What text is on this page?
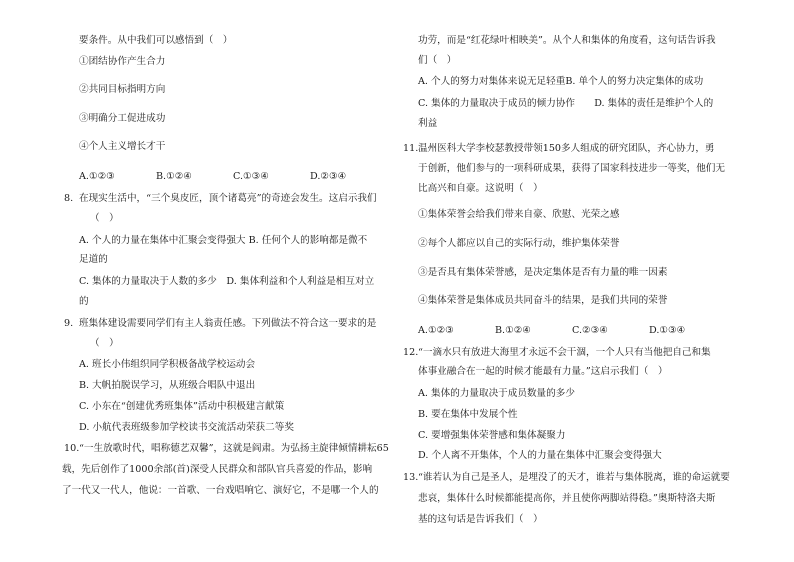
要条件。从中我们可以感悟到（　）
①团结协作产生合力
②共同目标指明方向
③明确分工促进成功
④个人主义增长才干
A.①②③	B.①②④	C.①③④	D.②③④
8. 在现实生活中，“三个臭皮匠，顶个诸葛亮”的奇迹会发生。这启示我们
（　）
A. 个人的力量在集体中汇聚会变得强大 B. 任何个人的影响都是微不
足道的
C. 集体的力量取决于人数的多少　D. 集体利益和个人利益是相互对立
的
9. 班集体建设需要同学们有主人翁责任感。下列做法不符合这一要求的是
（　）
A. 班长小伟组织同学积极备战学校运动会
B. 大帆拍脱误学习，从班级合唱队中退出
C. 小东在“创建优秀班集体”活动中积极建言献策
D. 小航代表班级参加学校读书交流活动荣获二等奖
10. “一生放歌时代，唱称德艺双馨”，这就是阎肃。为弘扬主旋律倾情耕耘65
载，先后创作了1000余部(首)深受人民群众和部队官兵喜爱的作品，影响
了一代又一代人，他说：一首歌、一台戏唱响它、演好它，不是哪一个人的
功劳，而是“红花绿叶相映美”。从个人和集体的角度看，这句话告诉我
们（　）
A. 个人的努力对集体来说无足轻重B. 单个人的努力决定集体的成功
C. 集体的力量取决于成员的倾力协作　　D. 集体的责任是维护个人的
利益
11. 温州医科大学李校瑟教授带领150多人组成的研究团队，齐心协力，勇
于创新，他们参与的一项科研成果，获得了国家科技进步一等奖，他们无
比高兴和自豪。这说明（　）
①集体荣誉会给我们带来自豪、欣慰、光荣之感
②每个人都应以自己的实际行动，维护集体荣誉
③是否具有集体荣誉感，是决定集体是否有力量的唯一因素
④集体荣誉是集体成员共同奋斗的结果，是我们共同的荣誉
A.①②③	B.①②④	C.②③④	D.①③④
12. “一滴水只有放进大海里才永远不会干涸，一个人只有当他把自己和集
体事业融合在一起的时候才能最有力量。”这启示我们（　）
A. 集体的力量取决于成员数量的多少
B. 要在集体中发展个性
C. 要增强集体荣誉感和集体凝聚力
D. 个人离不开集体，个人的力量在集体中汇聚会变得强大
13. “谁若认为自己是圣人，是埋没了的天才，谁若与集体脱离，谁的命运就要
悲哀，集体什么时候都能提高你，并且使你两脚站得稳。”奥斯特洛夫斯
基的这句话是告诉我们（　）
